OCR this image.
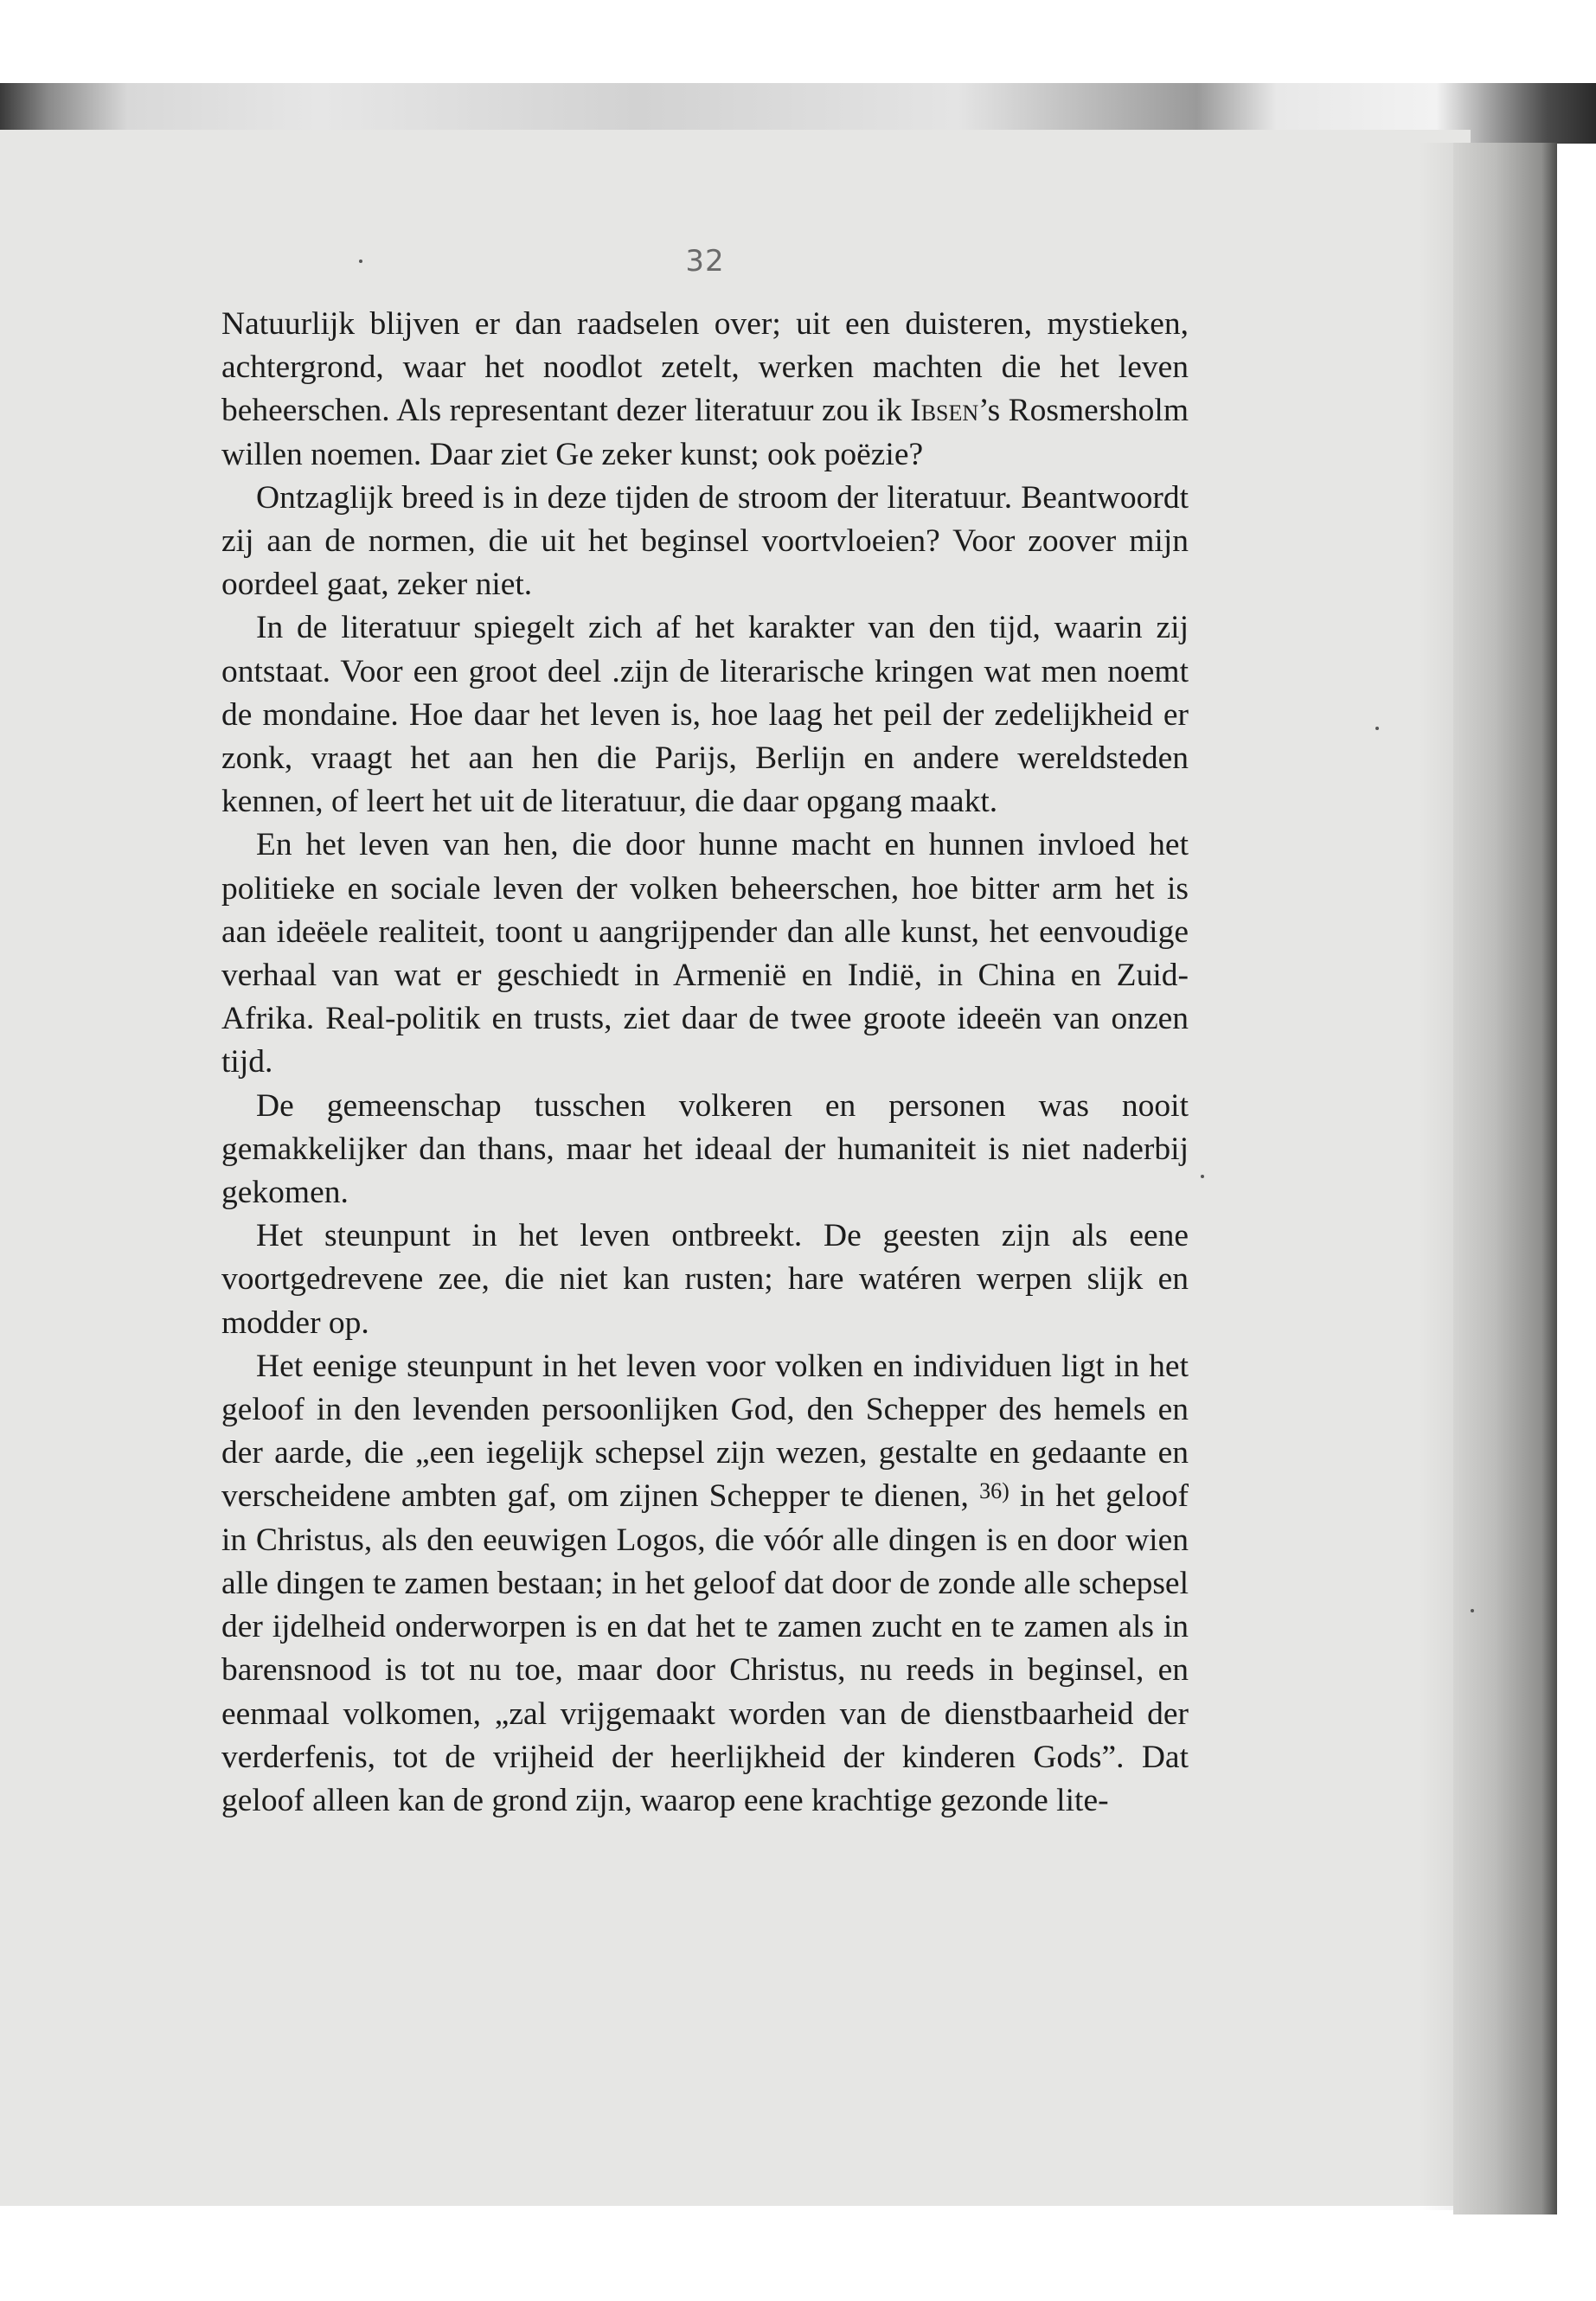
32

Natuurlijk blijven er dan raadselen over; uit een duisteren, mystieken, achtergrond, waar het noodlot zetelt, werken machten die het leven beheerschen. Als representant dezer literatuur zou ik Ibsen’s Rosmersholm willen noemen. Daar ziet Ge zeker kunst; ook poëzie?

Ontzaglijk breed is in deze tijden de stroom der literatuur. Beantwoordt zij aan de normen, die uit het beginsel voortvloeien? Voor zoover mijn oordeel gaat, zeker niet.

In de literatuur spiegelt zich af het karakter van den tijd, waarin zij ontstaat. Voor een groot deel .zijn de literarische kringen wat men noemt de mondaine. Hoe daar het leven is, hoe laag het peil der zedelijkheid er zonk, vraagt het aan hen die Parijs, Berlijn en andere wereldsteden kennen, of leert het uit de literatuur, die daar opgang maakt.

En het leven van hen, die door hunne macht en hunnen invloed het politieke en sociale leven der volken beheerschen, hoe bitter arm het is aan ideëele realiteit, toont u aangrijpender dan alle kunst, het eenvoudige verhaal van wat er geschiedt in Armenië en Indië, in China en Zuid-Afrika. Real-politik en trusts, ziet daar de twee groote ideeën van onzen tijd.

De gemeenschap tusschen volkeren en personen was nooit gemakkelijker dan thans, maar het ideaal der humaniteit is niet naderbij gekomen.

Het steunpunt in het leven ontbreekt. De geesten zijn als eene voortgedrevene zee, die niet kan rusten; hare watéren werpen slijk en modder op.

Het eenige steunpunt in het leven voor volken en individuen ligt in het geloof in den levenden persoonlijken God, den Schepper des hemels en der aarde, die „een iegelijk schepsel zijn wezen, gestalte en gedaante en verscheidene ambten gaf, om zijnen Schepper te dienen, $^{36)}$ in het geloof in Christus, als den eeuwigen Logos, die vóór alle dingen is en door wien alle dingen te zamen bestaan; in het geloof dat door de zonde alle schepsel der ijdelheid onderworpen is en dat het te zamen zucht en te zamen als in barensnood is tot nu toe, maar door Christus, nu reeds in beginsel, en eenmaal volkomen, „zal vrijgemaakt worden van de dienstbaarheid der verderfenis, tot de vrijheid der heerlijkheid der kinderen Gods”. Dat geloof alleen kan de grond zijn, waarop eene krachtige gezonde lite-
